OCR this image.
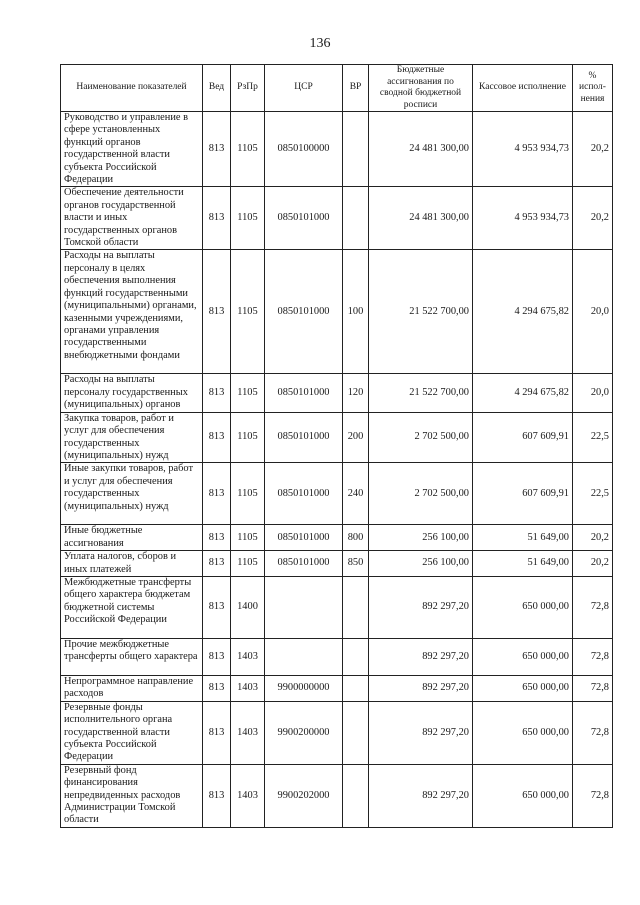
136
Наименование показателей	Вед	РзПр	ЦСР	ВР	Бюджетные ассигнования по сводной бюджетной росписи	Кассовое исполнение	% испол-нения
Руководство и управление в сфере установленных функций органов государственной власти субъекта Российской Федерации	813	1105	0850100000		24 481 300,00	4 953 934,73	20,2
Обеспечение деятельности органов государственной власти и иных государственных органов Томской области	813	1105	0850101000		24 481 300,00	4 953 934,73	20,2
Расходы на выплаты персоналу в целях обеспечения выполнения функций государственными (муниципальными) органами, казенными учреждениями, органами управления государственными внебюджетными фондами	813	1105	0850101000	100	21 522 700,00	4 294 675,82	20,0
Расходы на выплаты персоналу государственных (муниципальных) органов	813	1105	0850101000	120	21 522 700,00	4 294 675,82	20,0
Закупка товаров, работ и услуг для обеспечения государственных (муниципальных) нужд	813	1105	0850101000	200	2 702 500,00	607 609,91	22,5
Иные закупки товаров, работ и услуг для обеспечения государственных (муниципальных) нужд	813	1105	0850101000	240	2 702 500,00	607 609,91	22,5
Иные бюджетные ассигнования	813	1105	0850101000	800	256 100,00	51 649,00	20,2
Уплата налогов, сборов и иных платежей	813	1105	0850101000	850	256 100,00	51 649,00	20,2
Межбюджетные трансферты общего характера бюджетам бюджетной системы Российской Федерации	813	1400			892 297,20	650 000,00	72,8
Прочие межбюджетные трансферты общего характера	813	1403			892 297,20	650 000,00	72,8
Непрограммное направление расходов	813	1403	9900000000		892 297,20	650 000,00	72,8
Резервные фонды исполнительного органа государственной власти субъекта Российской Федерации	813	1403	9900200000		892 297,20	650 000,00	72,8
Резервный фонд финансирования непредвиденных расходов Администрации Томской области	813	1403	9900202000		892 297,20	650 000,00	72,8
